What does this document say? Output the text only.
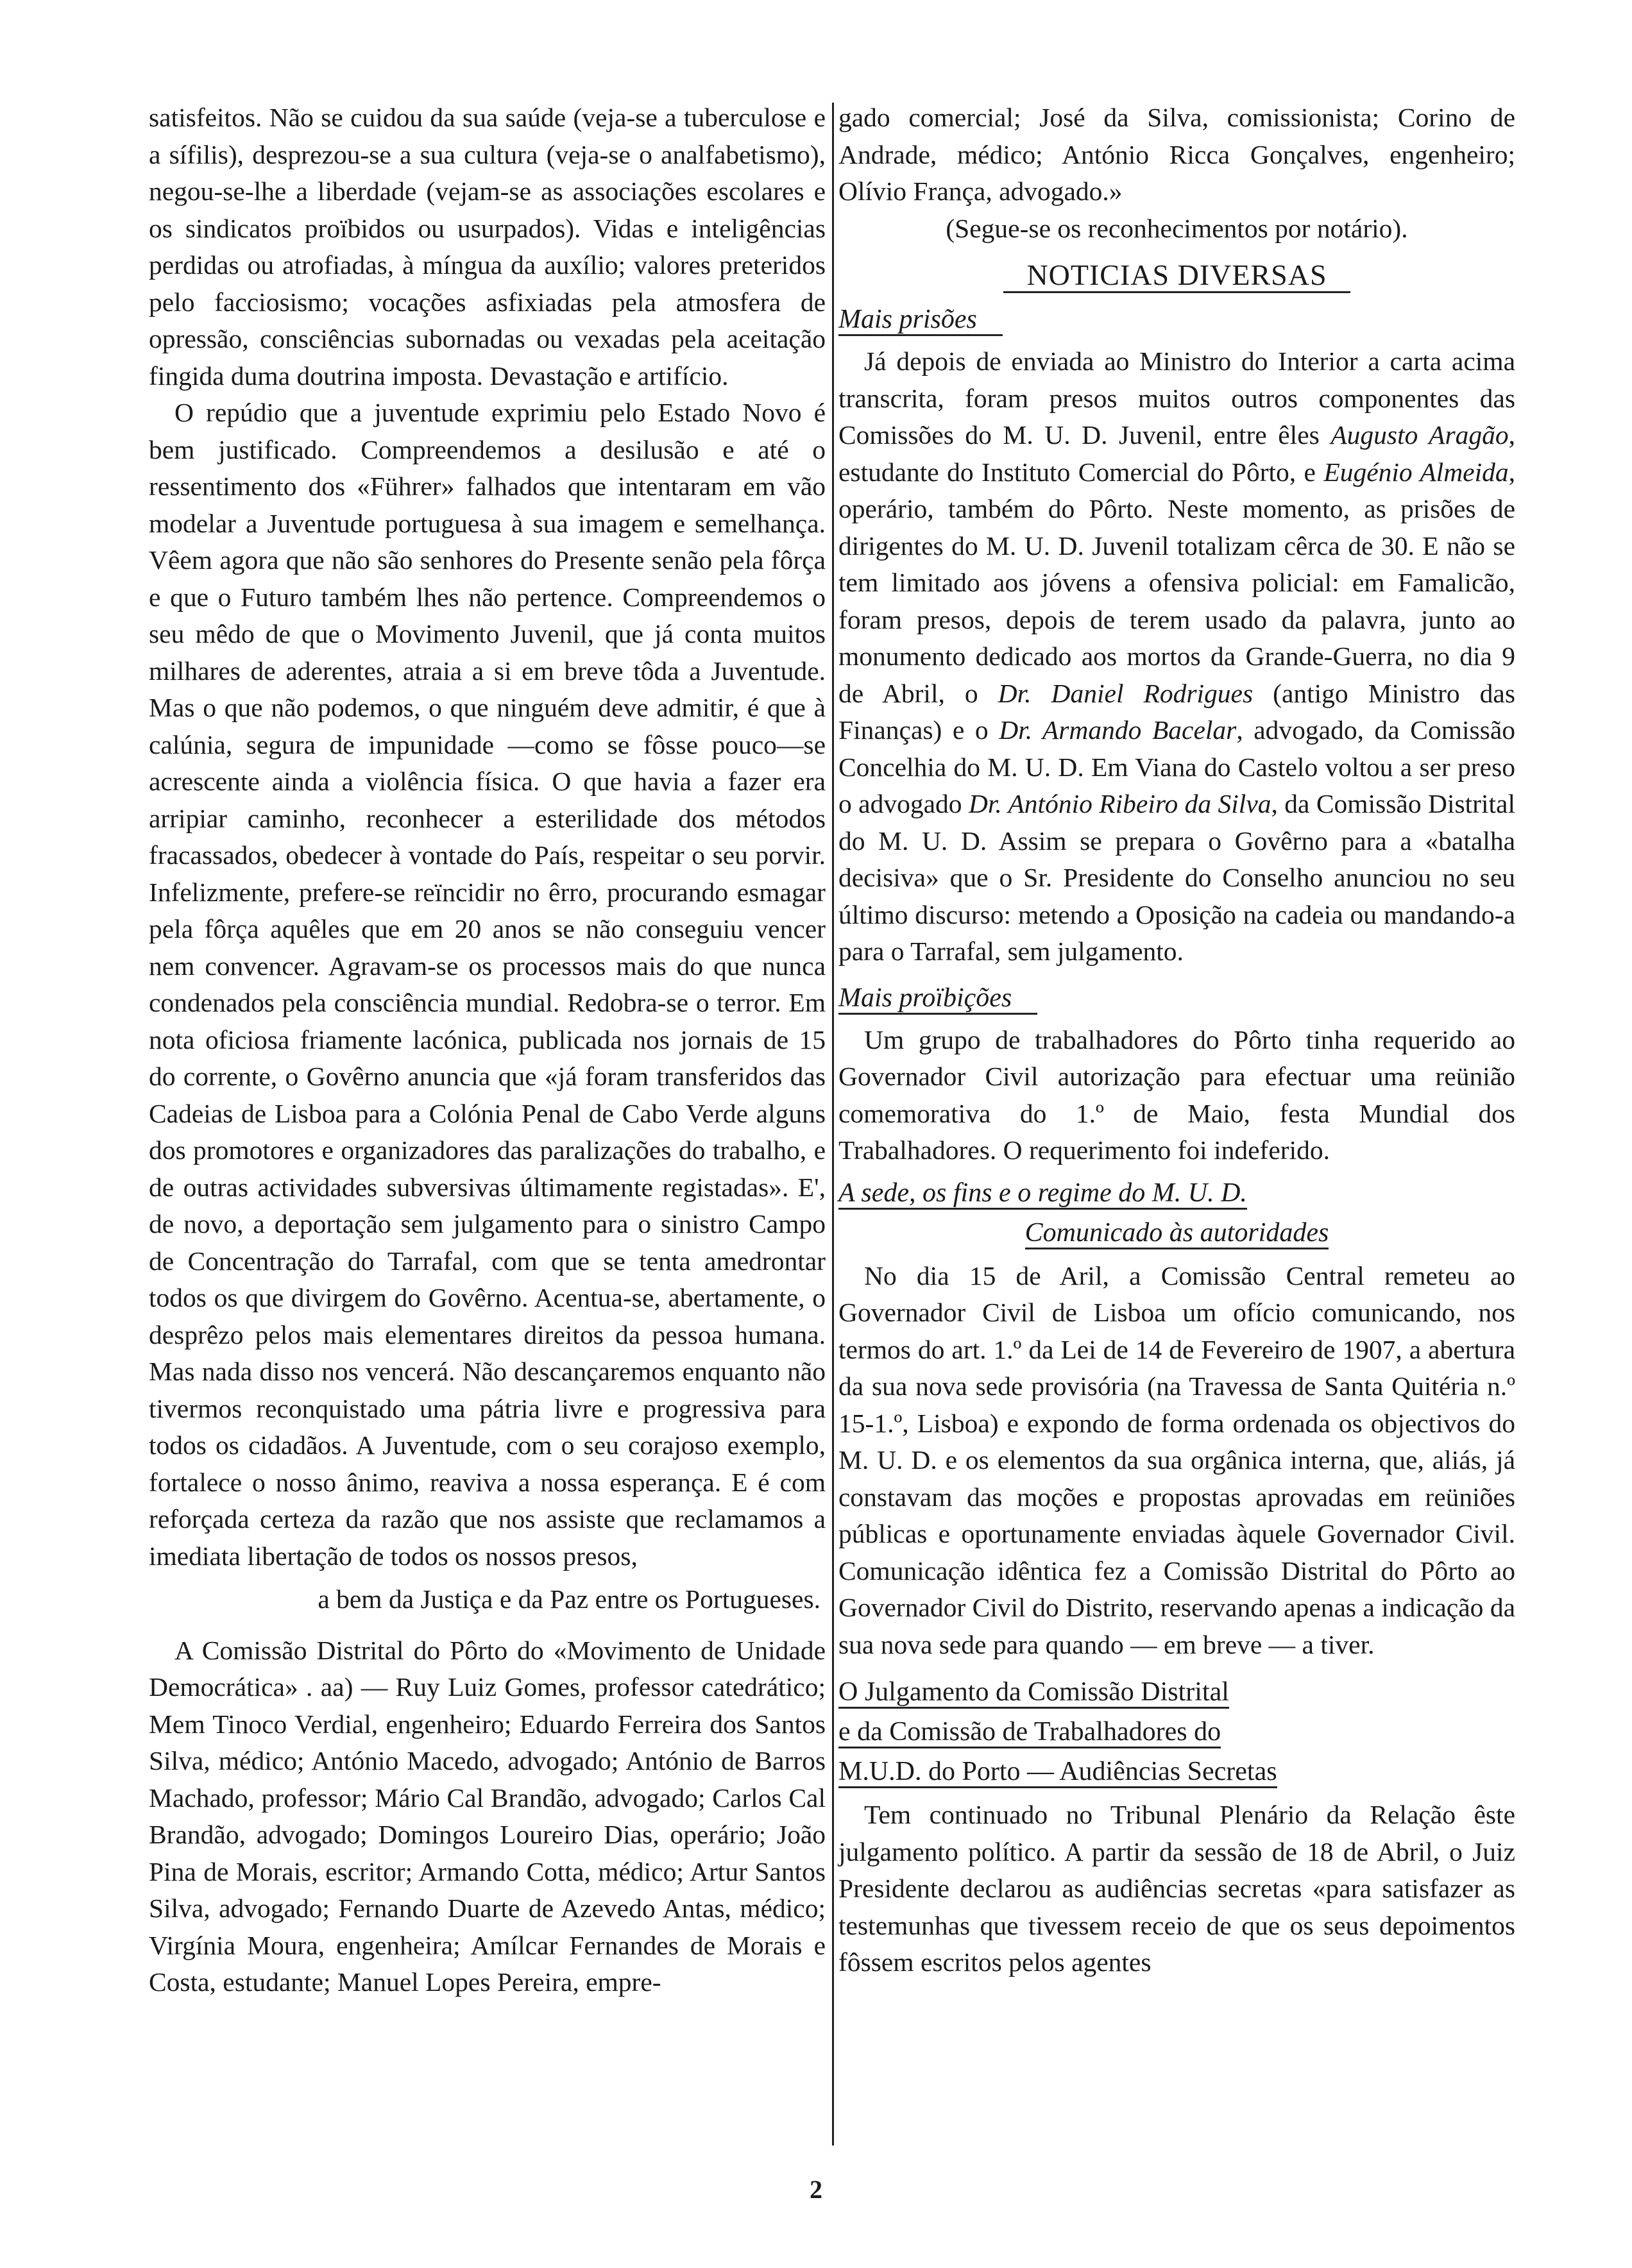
satisfeitos. Não se cuidou da sua saúde (veja-se a tuberculose e a sífilis), desprezou-se a sua cultura (veja-se o analfabetismo), negou-se-lhe a liberdade (vejam-se as associações escolares e os sindicatos proïbidos ou usurpados). Vidas e inteligências perdidas ou atrofiadas, à míngua da auxílio; valores preteridos pelo facciosismo; vocações asfixiadas pela atmosfera de opressão, consciências subornadas ou vexadas pela aceitação fingida duma doutrina imposta. Devastação e artifício.

O repúdio que a juventude exprimiu pelo Estado Novo é bem justificado. Compreendemos a desilusão e até o ressentimento dos «Führer» falhados que intentaram em vão modelar a Juventude portuguesa à sua imagem e semelhança. Vêem agora que não são senhores do Presente senão pela fôrça e que o Futuro também lhes não pertence. Compreendemos o seu mêdo de que o Movimento Juvenil, que já conta muitos milhares de aderentes, atraia a si em breve tôda a Juventude. Mas o que não podemos, o que ninguém deve admitir, é que à calúnia, segura de impunidade —como se fôsse pouco—se acrescente ainda a violência física. O que havia a fazer era arripiar caminho, reconhecer a esterilidade dos métodos fracassados, obedecer à vontade do País, respeitar o seu porvir. Infelizmente, prefere-se reïncidir no êrro, procurando esmagar pela fôrça aquêles que em 20 anos se não conseguiu vencer nem convencer. Agravam-se os processos mais do que nunca condenados pela consciência mundial. Redobra-se o terror. Em nota oficiosa friamente lacónica, publicada nos jornais de 15 do corrente, o Govêrno anuncia que «já foram transferidos das Cadeias de Lisboa para a Colónia Penal de Cabo Verde alguns dos promotores e organizadores das paralizações do trabalho, e de outras actividades subversivas últimamente registadas». E', de novo, a deportação sem julgamento para o sinistro Campo de Concentração do Tarrafal, com que se tenta amedrontar todos os que divirgem do Govêrno. Acentua-se, abertamente, o desprêzo pelos mais elementares direitos da pessoa humana. Mas nada disso nos vencerá. Não descançaremos enquanto não tivermos reconquistado uma pátria livre e progressiva para todos os cidadãos. A Juventude, com o seu corajoso exemplo, fortalece o nosso ânimo, reaviva a nossa esperança. E é com reforçada certeza da razão que nos assiste que reclamamos a imediata libertação de todos os nossos presos,

a bem da Justiça e da Paz entre os Portugueses.

A Comissão Distrital do Pôrto do «Movimento de Unidade Democrática» . aa) — Ruy Luiz Gomes, professor catedrático; Mem Tinoco Verdial, engenheiro; Eduardo Ferreira dos Santos Silva, médico; António Macedo, advogado; António de Barros Machado, professor; Mário Cal Brandão, advogado; Carlos Cal Brandão, advogado; Domingos Loureiro Dias, operário; João Pina de Morais, escritor; Armando Cotta, médico; Artur Santos Silva, advogado; Fernando Duarte de Azevedo Antas, médico; Virgínia Moura, engenheira; Amílcar Fernandes de Morais e Costa, estudante; Manuel Lopes Pereira, empre-

gado comercial; José da Silva, comissionista; Corino de Andrade, médico; António Ricca Gonçalves, engenheiro; Olívio França, advogado.»

(Segue-se os reconhecimentos por notário).

NOTICIAS DIVERSAS
Mais prisões

Já depois de enviada ao Ministro do Interior a carta acima transcrita, foram presos muitos outros componentes das Comissões do M. U. D. Juvenil, entre êles Augusto Aragão, estudante do Instituto Comercial do Pôrto, e Eugénio Almeida, operário, também do Pôrto. Neste momento, as prisões de dirigentes do M. U. D. Juvenil totalizam cêrca de 30. E não se tem limitado aos jóvens a ofensiva policial: em Famalicão, foram presos, depois de terem usado da palavra, junto ao monumento dedicado aos mortos da Grande-Guerra, no dia 9 de Abril, o Dr. Daniel Rodrigues (antigo Ministro das Finanças) e o Dr. Armando Bacelar, advogado, da Comissão Concelhia do M. U. D. Em Viana do Castelo voltou a ser preso o advogado Dr. António Ribeiro da Silva, da Comissão Distrital do M. U. D. Assim se prepara o Govêrno para a «batalha decisiva» que o Sr. Presidente do Conselho anunciou no seu último discurso: metendo a Oposição na cadeia ou mandando-a para o Tarrafal, sem julgamento.

Mais proïbições

Um grupo de trabalhadores do Pôrto tinha requerido ao Governador Civil autorização para efectuar uma reünião comemorativa do 1.º de Maio, festa Mundial dos Trabalhadores. O requerimento foi indeferido.

A sede, os fins e o regime do M. U. D.
Comunicado às autoridades

No dia 15 de Aril, a Comissão Central remeteu ao Governador Civil de Lisboa um ofício comunicando, nos termos do art. 1.º da Lei de 14 de Fevereiro de 1907, a abertura da sua nova sede provisória (na Travessa de Santa Quitéria n.º 15-1.º, Lisboa) e expondo de forma ordenada os objectivos do M. U. D. e os elementos da sua orgânica interna, que, aliás, já constavam das moções e propostas aprovadas em reüniões públicas e oportunamente enviadas àquele Governador Civil. Comunicação idêntica fez a Comissão Distrital do Pôrto ao Governador Civil do Distrito, reservando apenas a indicação da sua nova sede para quando — em breve — a tiver.

O Julgamento da Comissão Distrital
e da Comissão de Trabalhadores do
M.U.D. do Porto — Audiências Secretas

Tem continuado no Tribunal Plenário da Relação êste julgamento político. A partir da sessão de 18 de Abril, o Juiz Presidente declarou as audiências secretas «para satisfazer as testemunhas que tivessem receio de que os seus depoimentos fôssem escritos pelos agentes

2
